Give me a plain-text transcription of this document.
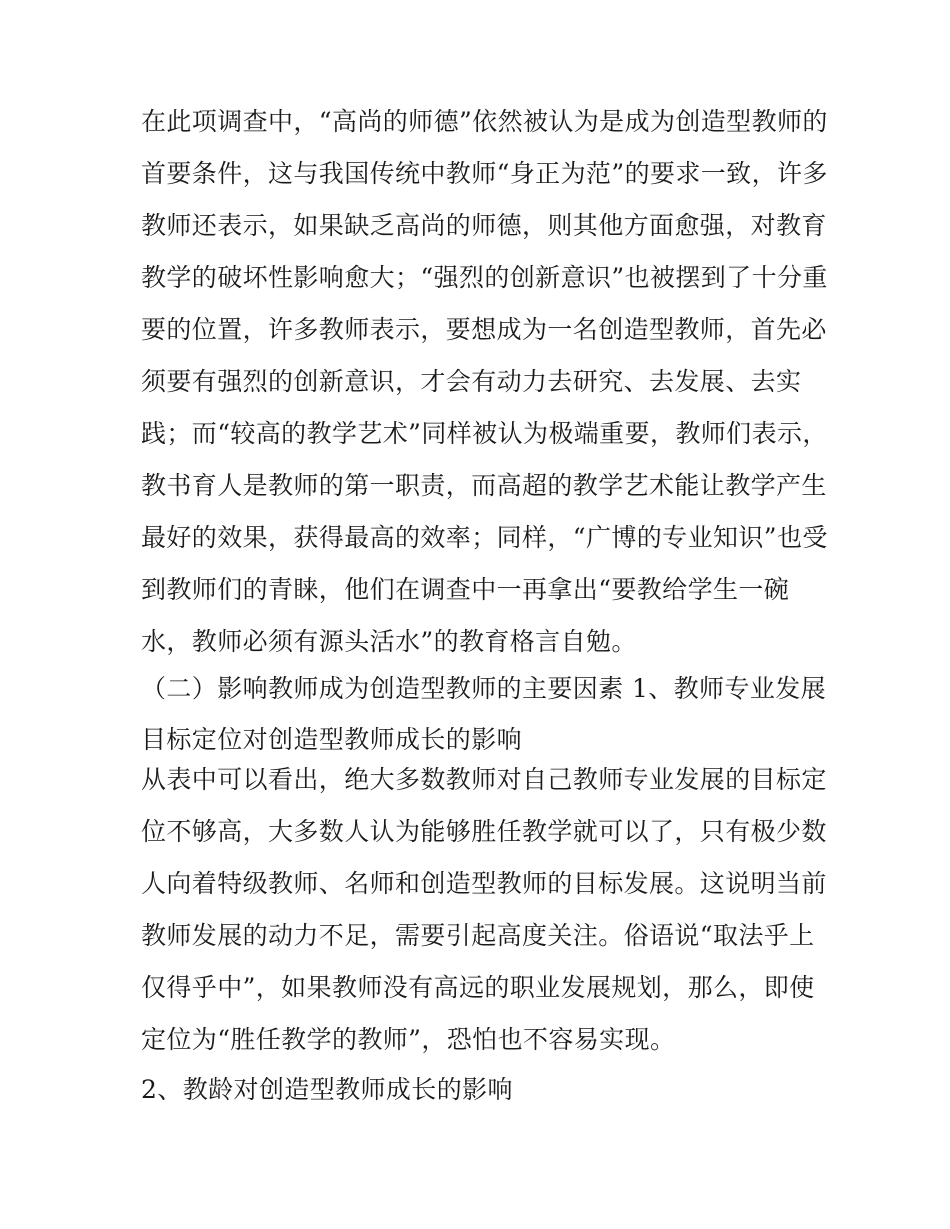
在此项调查中，“高尚的师德”依然被认为是成为创造型教师的
首要条件，这与我国传统中教师“身正为范”的要求一致，许多
教师还表示，如果缺乏高尚的师德，则其他方面愈强，对教育
教学的破坏性影响愈大；“强烈的创新意识”也被摆到了十分重
要的位置，许多教师表示，要想成为一名创造型教师，首先必
须要有强烈的创新意识，才会有动力去研究、去发展、去实
践；而“较高的教学艺术”同样被认为极端重要，教师们表示，
教书育人是教师的第一职责，而高超的教学艺术能让教学产生
最好的效果，获得最高的效率；同样，“广博的专业知识”也受
到教师们的青睐，他们在调查中一再拿出“要教给学生一碗
水，教师必须有源头活水”的教育格言自勉。
（二）影响教师成为创造型教师的主要因素 1、教师专业发展
目标定位对创造型教师成长的影响
从表中可以看出，绝大多数教师对自己教师专业发展的目标定
位不够高，大多数人认为能够胜任教学就可以了，只有极少数
人向着特级教师、名师和创造型教师的目标发展。这说明当前
教师发展的动力不足，需要引起高度关注。俗语说“取法乎上
仅得乎中”，如果教师没有高远的职业发展规划，那么，即使
定位为“胜任教学的教师”，恐怕也不容易实现。
2、教龄对创造型教师成长的影响
